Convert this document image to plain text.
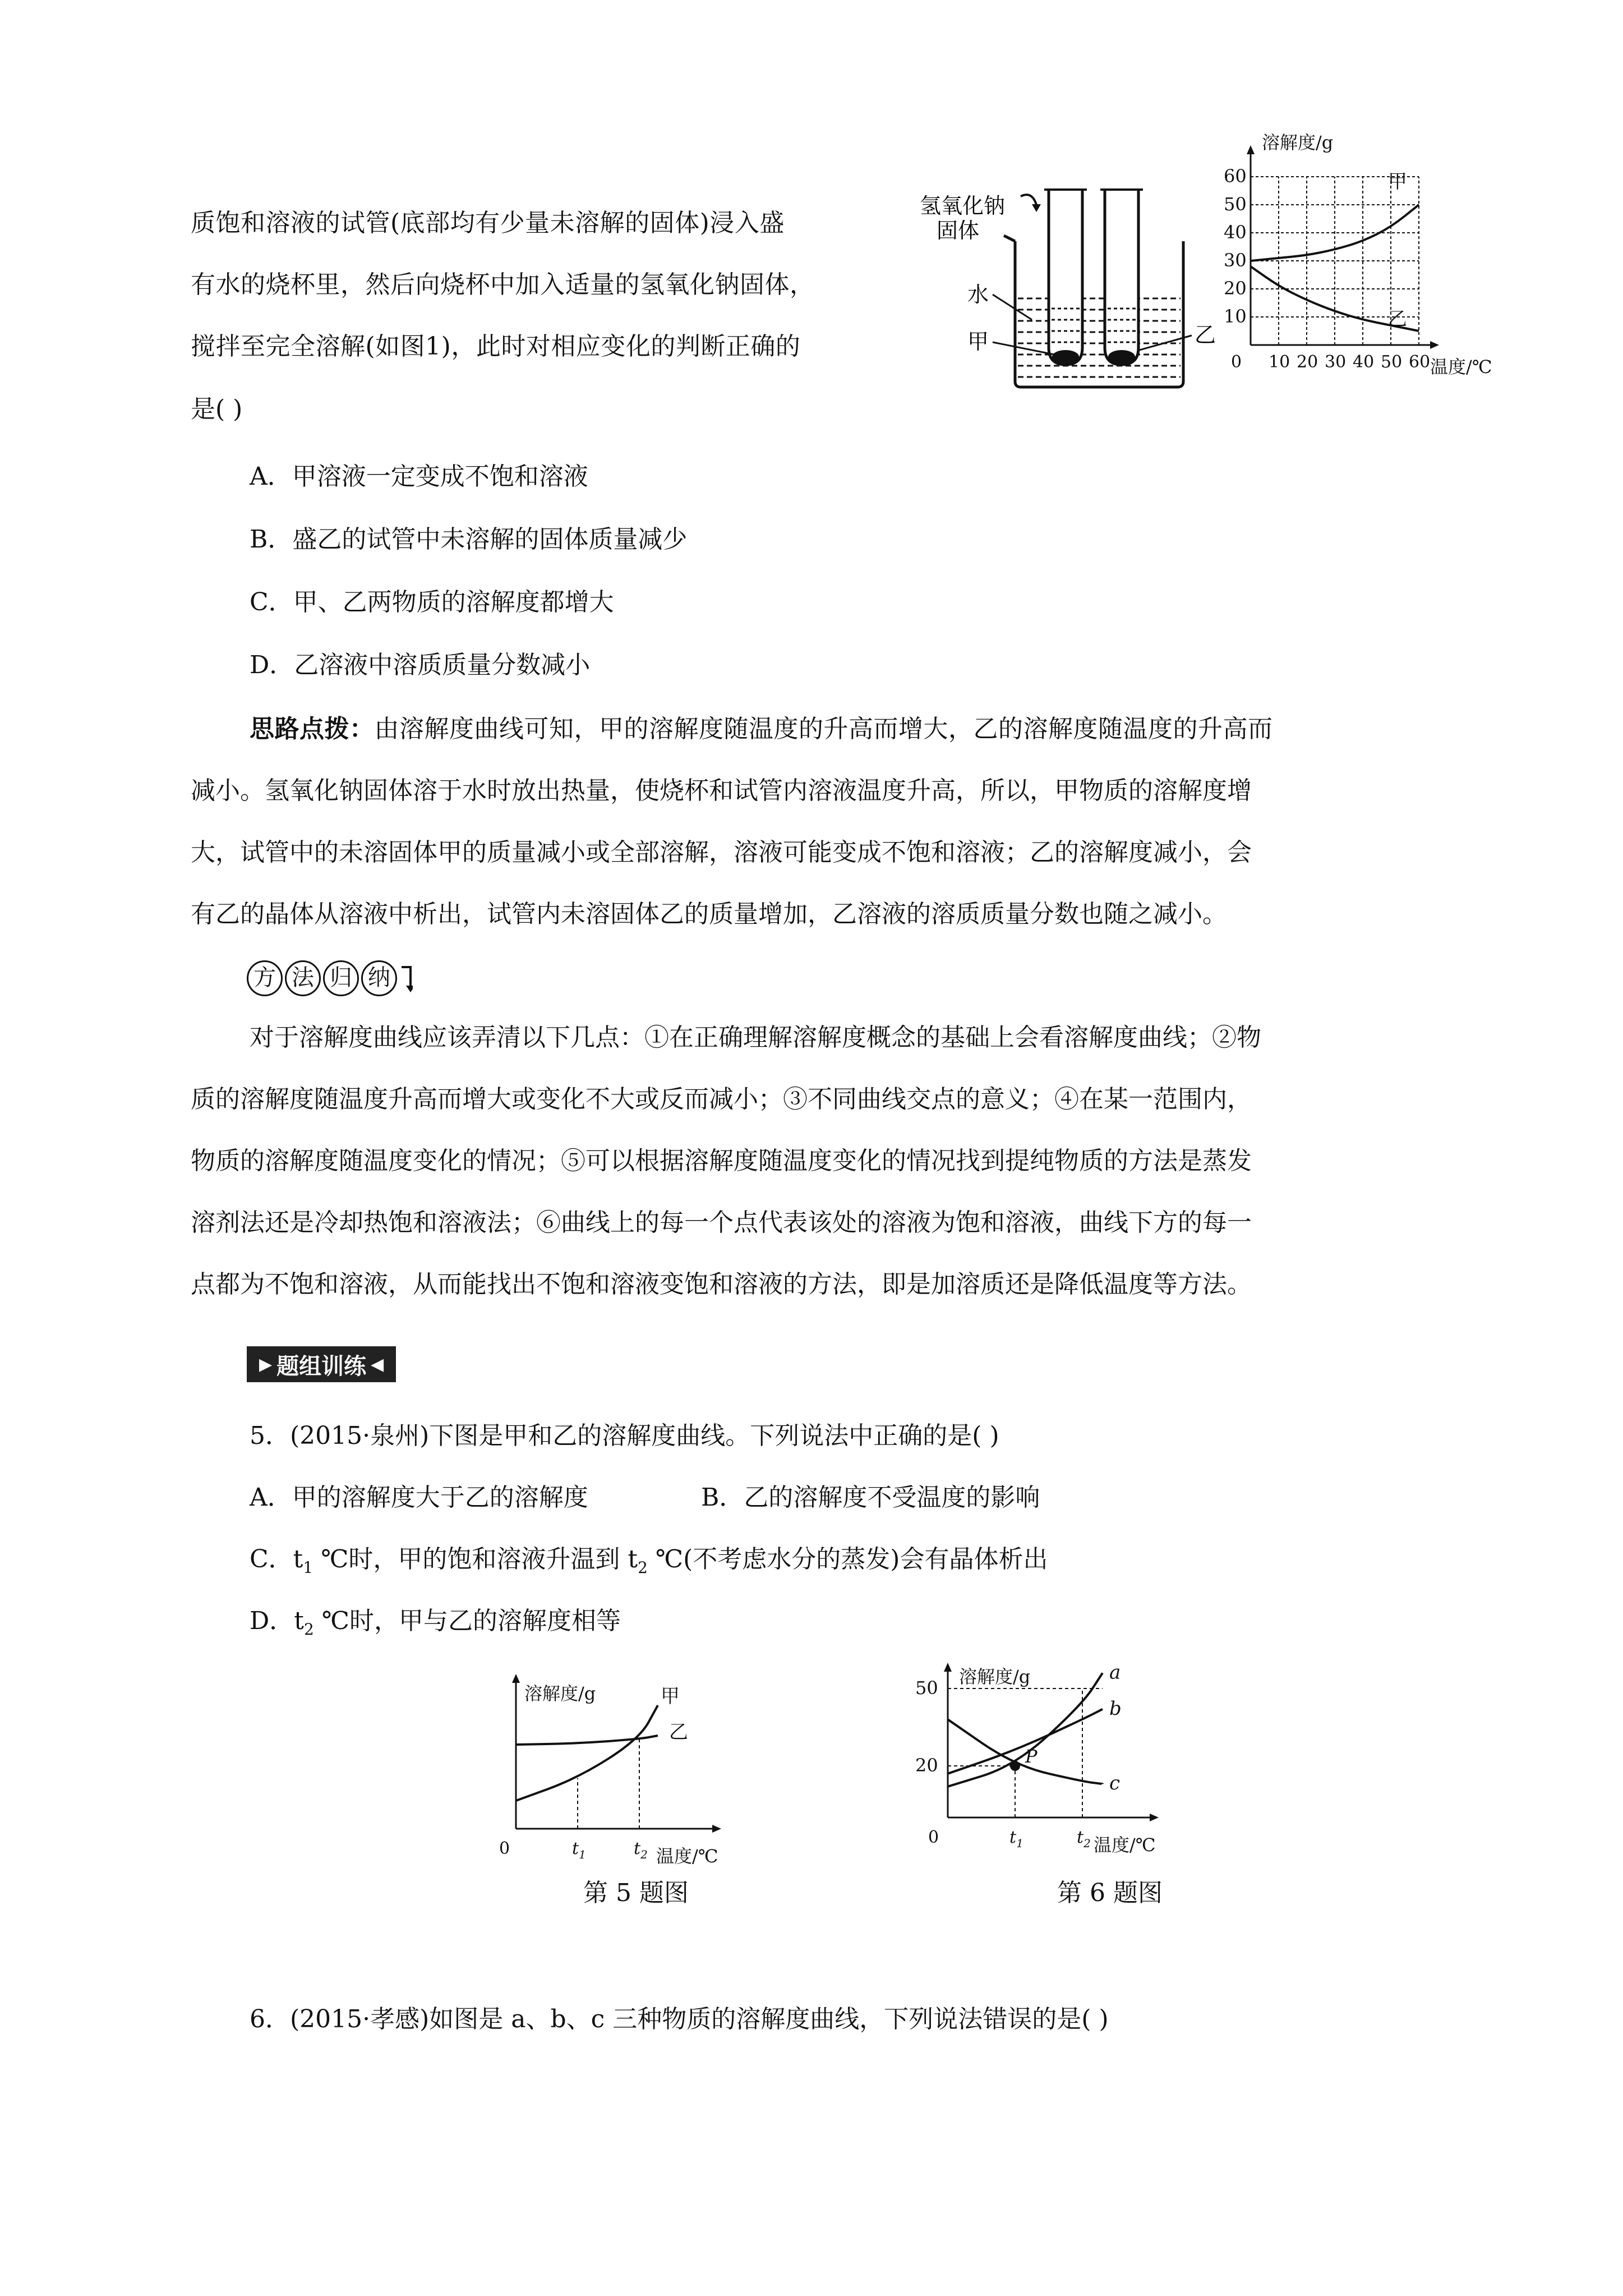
质饱和溶液的试管(底部均有少量未溶解的固体)浸入盛

有水的烧杯里，然后向烧杯中加入适量的氢氧化钠固体，

搅拌至完全溶解(如图1)，此时对相应变化的判断正确的

是( )

A．甲溶液一定变成不饱和溶液

B．盛乙的试管中未溶解的固体质量减少

C．甲、乙两物质的溶解度都增大

D．乙溶液中溶质质量分数减小

氢氧化钠
固体
水
甲	乙
10
20
30
40
50
60
0 10 20 30 40 50 60
溶解度/g
温度/℃
甲
乙

思路点拨：由溶解度曲线可知，甲的溶解度随温度的升高而增大，乙的溶解度随温度的升高而

减小。氢氧化钠固体溶于水时放出热量，使烧杯和试管内溶液温度升高，所以，甲物质的溶解度增

大，试管中的未溶固体甲的质量减小或全部溶解，溶液可能变成不饱和溶液；乙的溶解度减小，会

有乙的晶体从溶液中析出，试管内未溶固体乙的质量增加，乙溶液的溶质质量分数也随之减小。

方 法 归 纳

对于溶解度曲线应该弄清以下几点：①在正确理解溶解度概念的基础上会看溶解度曲线；②物

质的溶解度随温度升高而增大或变化不大或反而减小；③不同曲线交点的意义；④在某一范围内，

物质的溶解度随温度变化的情况；⑤可以根据溶解度随温度变化的情况找到提纯物质的方法是蒸发

溶剂法还是冷却热饱和溶液法；⑥曲线上的每一个点代表该处的溶液为饱和溶液，曲线下方的每一

点都为不饱和溶液，从而能找出不饱和溶液变饱和溶液的方法，即是加溶质还是降低温度等方法。

▶ 题组训练 ◀

5．(2015·泉州)下图是甲和乙的溶解度曲线。下列说法中正确的是( )

A．甲的溶解度大于乙的溶解度	B．乙的溶解度不受温度的影响

C．$t_1$ ℃时，甲的饱和溶液升温到 $t_2$ ℃(不考虑水分的蒸发)会有晶体析出

D．$t_2$ ℃时，甲与乙的溶解度相等

溶解度/g
温度/℃
0	$t_1$	$t_2$
甲
乙
溶解度/g
温度/℃
0
20
50
$t_1$	$t_2$
a
b
c
P
第 5 题图	第 6 题图

6．(2015·孝感)如图是 a、b、c 三种物质的溶解度曲线，下列说法错误的是( )
